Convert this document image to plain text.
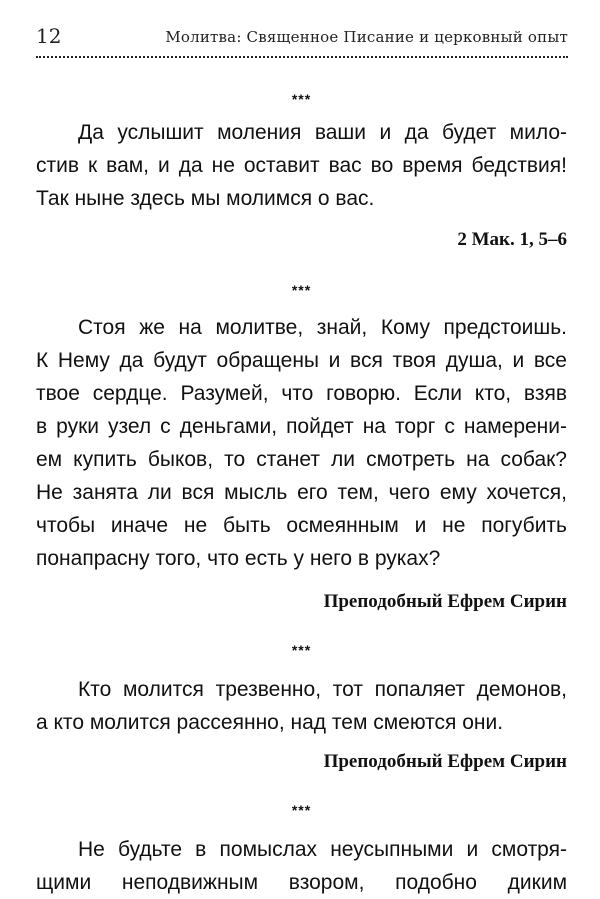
12	Молитва: Священное Писание и церковный опыт
***
Да услышит моления ваши и да будет мило-
стив к вам, и да не оставит вас во время бедствия!
Так ныне здесь мы молимся о вас.
2 Мак. 1, 5–6
***
Стоя же на молитве, знай, Кому предстоишь.
К Нему да будут обращены и вся твоя душа, и все
твое сердце. Разумей, что говорю. Если кто, взяв
в руки узел с деньгами, пойдет на торг с намерени-
ем купить быков, то станет ли смотреть на собак?
Не занята ли вся мысль его тем, чего ему хочется,
чтобы иначе не быть осмеянным и не погубить
понапрасну того, что есть у него в руках?
Преподобный Ефрем Сирин
***
Кто молится трезвенно, тот попаляет демонов,
а кто молится рассеянно, над тем смеются они.
Преподобный Ефрем Сирин
***
Не будьте в помыслах неусыпными и смотря-
щими неподвижным взором, подобно диким
